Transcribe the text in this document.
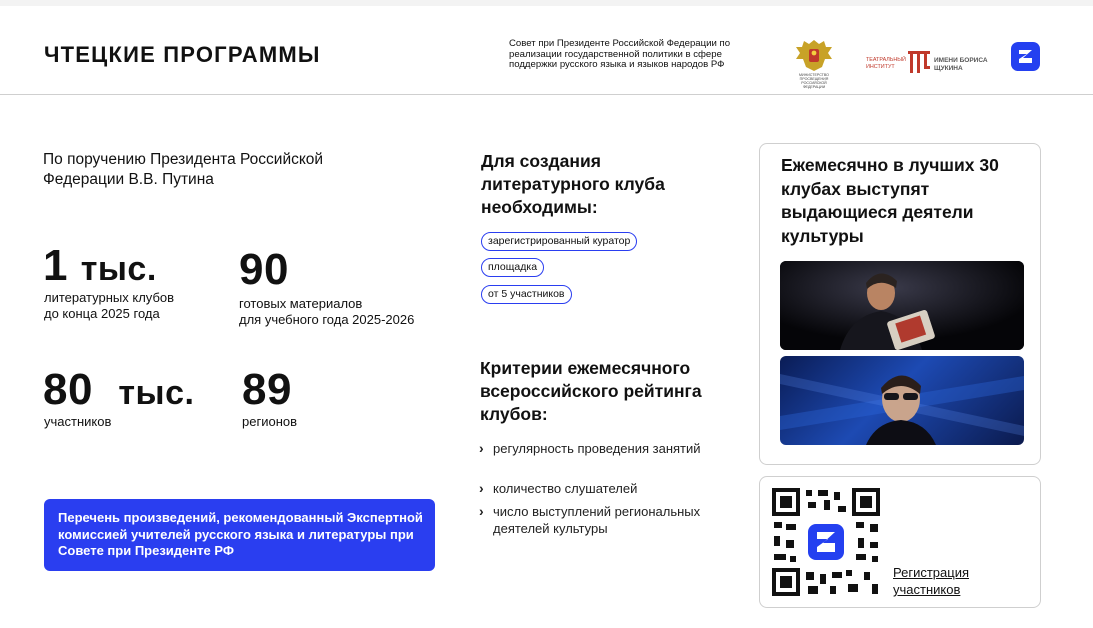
ЧТЕЦКИЕ ПРОГРАММЫ	Совет при Президенте Российской Федерации по реализации государственной политики в сфере поддержки русского языка и языков народов РФ
МИНИСТЕРСТВО ПРОСВЕЩЕНИЯ РОССИЙСКОЙ ФЕДЕРАЦИИ
ТЕАТРАЛЬНЫЙ ИНСТИТУТ
ИМЕНИ БОРИСА ЩУКИНА
По поручению Президента Российской Федерации В.В. Путина
1 тыс.
литературных клубов
до конца 2025 года
90
готовых материалов
для учебного года 2025-2026
80 тыс.
участников
89
регионов
Перечень произведений, рекомендованный Экспертной комиссией учителей русского языка и литературы при Совете при Президенте РФ
Для создания литературного клуба необходимы:
зарегистрированный куратор
площадка
от 5 участников
Критерии ежемесячного всероссийского рейтинга клубов:
› регулярность проведения занятий
› количество слушателей
› число выступлений региональных деятелей культуры
Ежемесячно в лучших 30 клубах выступят выдающиеся деятели культуры
Регистрация участников
